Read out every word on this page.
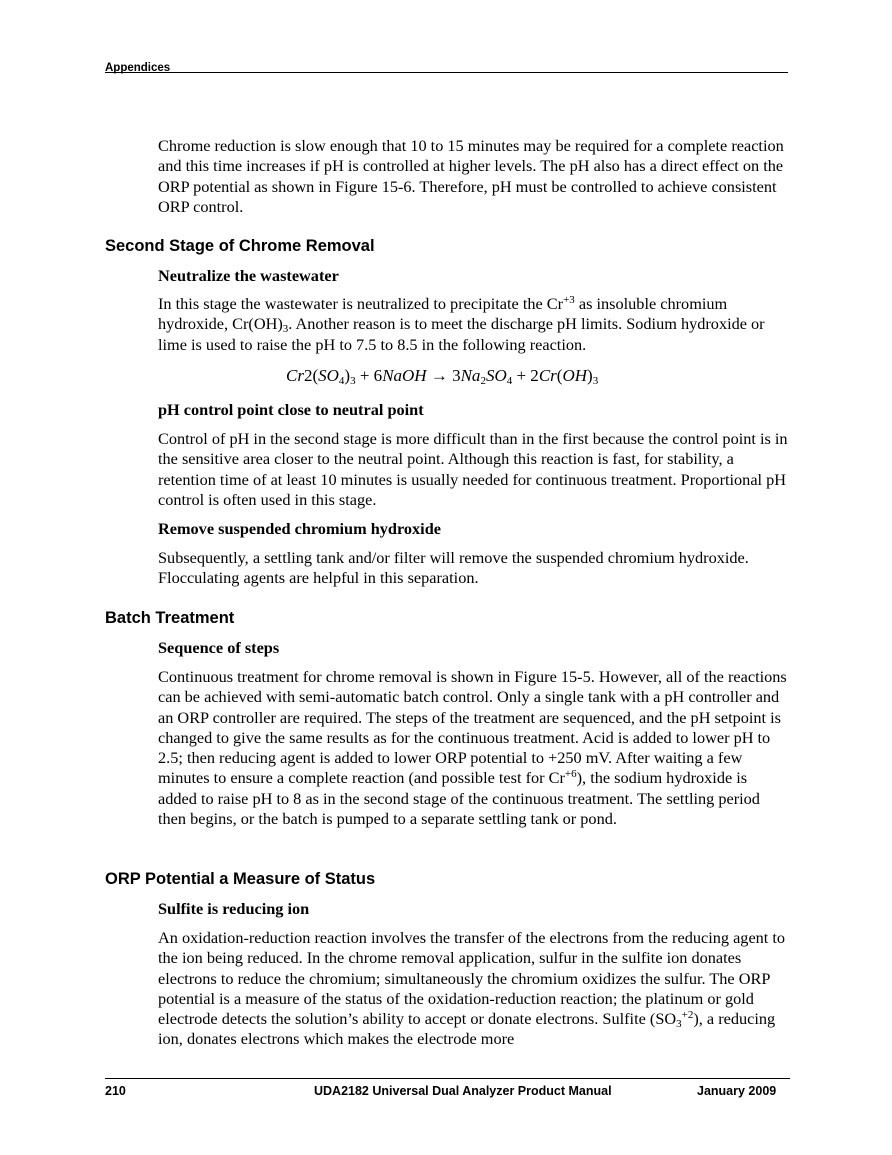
Appendices

Chrome reduction is slow enough that 10 to 15 minutes may be required for a complete reaction and this time increases if pH is controlled at higher levels. The pH also has a direct effect on the ORP potential as shown in Figure 15-6. Therefore, pH must be controlled to achieve consistent ORP control.

Second Stage of Chrome Removal
Neutralize the wastewater

In this stage the wastewater is neutralized to precipitate the $Cr^{+3}$ as insoluble chromium hydroxide, $Cr(OH)_3$. Another reason is to meet the discharge pH limits. Sodium hydroxide or lime is used to raise the pH to 7.5 to 8.5 in the following reaction.

$Cr2(SO_4)_3$ + 6NaOH → $3Na_2SO_4 + 2Cr(OH)_3$
pH control point close to neutral point

Control of pH in the second stage is more difficult than in the first because the control point is in the sensitive area closer to the neutral point. Although this reaction is fast, for stability, a retention time of at least 10 minutes is usually needed for continuous treatment. Proportional pH control is often used in this stage.

Remove suspended chromium hydroxide

Subsequently, a settling tank and/or filter will remove the suspended chromium hydroxide. Flocculating agents are helpful in this separation.

Batch Treatment
Sequence of steps

Continuous treatment for chrome removal is shown in Figure 15-5. However, all of the reactions can be achieved with semi-automatic batch control. Only a single tank with a pH controller and an ORP controller are required. The steps of the treatment are sequenced, and the pH setpoint is changed to give the same results as for the continuous treatment. Acid is added to lower pH to 2.5; then reducing agent is added to lower ORP potential to +250 mV. After waiting a few minutes to ensure a complete reaction (and possible test for $Cr^{+6}$), the sodium hydroxide is added to raise pH to 8 as in the second stage of the continuous treatment. The settling period then begins, or the batch is pumped to a separate settling tank or pond.

ORP Potential a Measure of Status
Sulfite is reducing ion

An oxidation-reduction reaction involves the transfer of the electrons from the reducing agent to the ion being reduced. In the chrome removal application, sulfur in the sulfite ion donates electrons to reduce the chromium; simultaneously the chromium oxidizes the sulfur. The ORP potential is a measure of the status of the oxidation-reduction reaction; the platinum or gold electrode detects the solution’s ability to accept or donate electrons. Sulfite $(SO_3^{+2})$, a reducing ion, donates electrons which makes the electrode more

210	UDA2182 Universal Dual Analyzer Product Manual	January 2009
